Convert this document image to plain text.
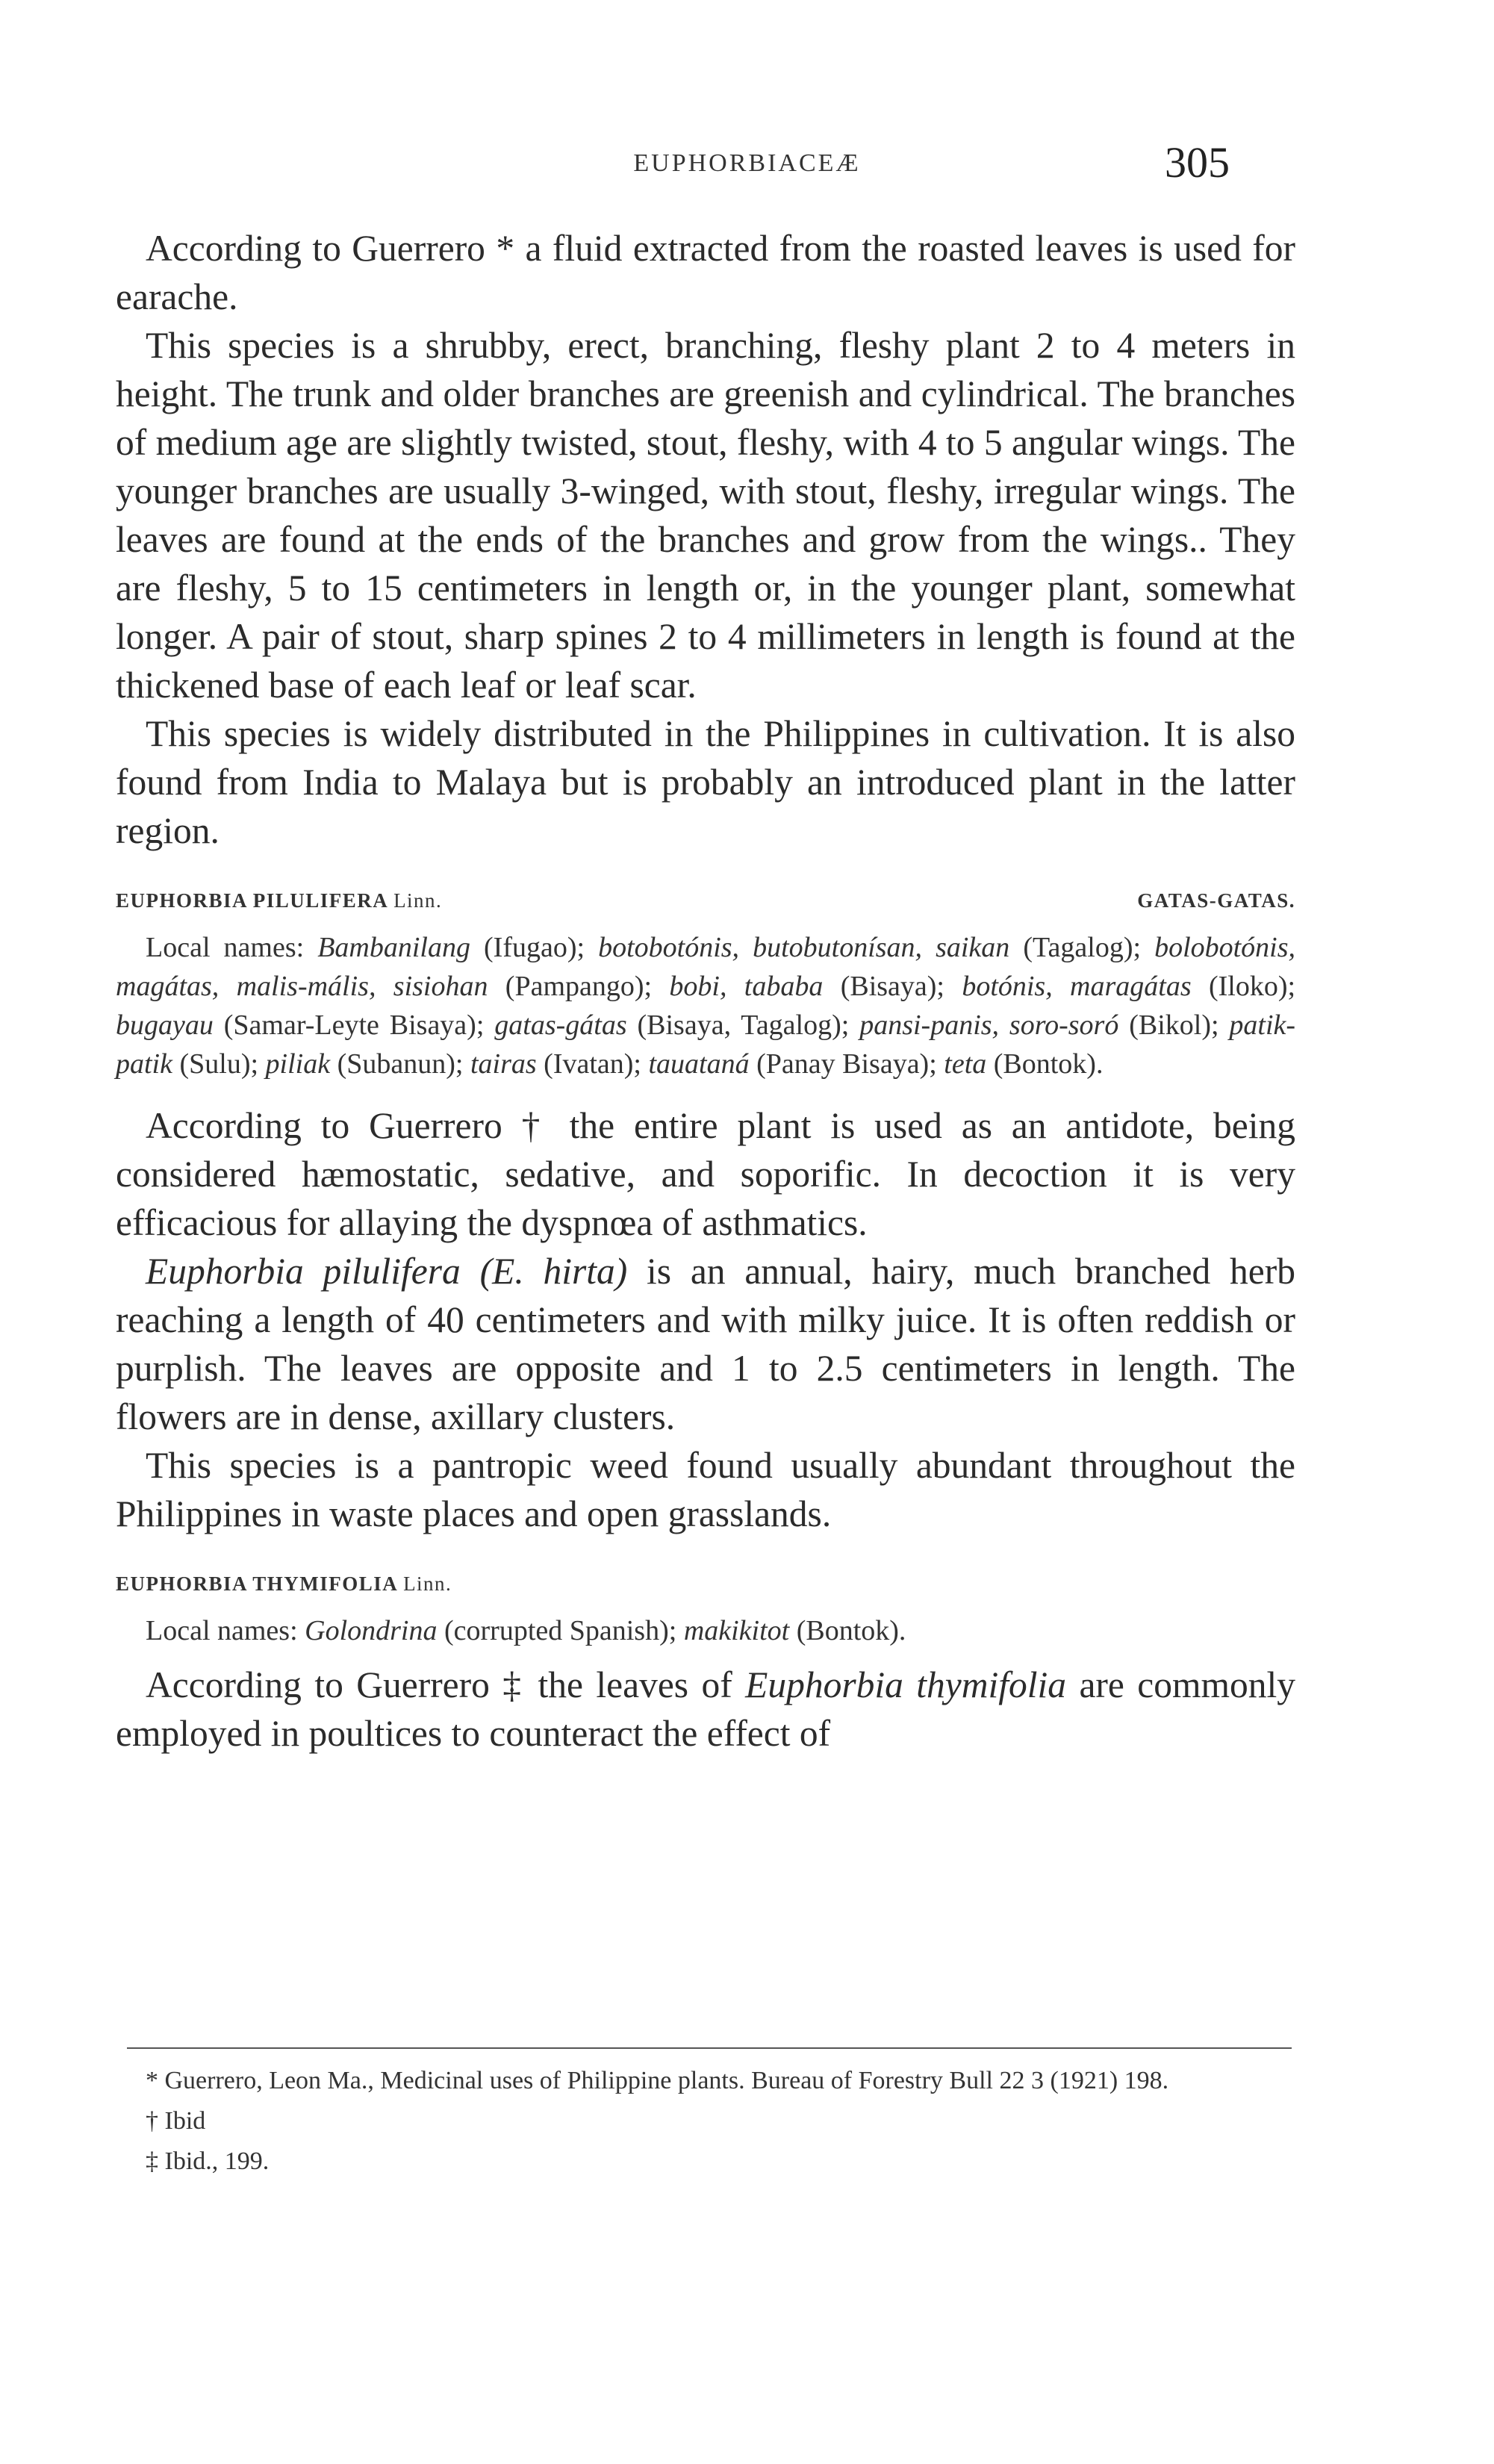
EUPHORBIACEÆ	305

According to Guerrero * a fluid extracted from the roasted leaves is used for earache.

This species is a shrubby, erect, branching, fleshy plant 2 to 4 meters in height. The trunk and older branches are greenish and cylindrical. The branches of medium age are slightly twisted, stout, fleshy, with 4 to 5 angular wings. The younger branches are usually 3-winged, with stout, fleshy, irregular wings. The leaves are found at the ends of the branches and grow from the wings.. They are fleshy, 5 to 15 centimeters in length or, in the younger plant, somewhat longer. A pair of stout, sharp spines 2 to 4 millimeters in length is found at the thickened base of each leaf or leaf scar.

This species is widely distributed in the Philippines in cultivation. It is also found from India to Malaya but is probably an introduced plant in the latter region.

EUPHORBIA PILULIFERA Linn.	GATAS-GATAS.
Local names: Bambanilang (Ifugao); botobotónis, butobutonísan, saikan (Tagalog); bolobotónis, magátas, malis-mális, sisiohan (Pampango); bobi, tababa (Bisaya); botónis, maragátas (Iloko); bugayau (Samar-Leyte Bisaya); gatas-gátas (Bisaya, Tagalog); pansi-panis, soro-soró (Bikol); patik-patik (Sulu); piliak (Subanun); tairas (Ivatan); tauataná (Panay Bisaya); teta (Bontok).

According to Guerrero † the entire plant is used as an antidote, being considered hæmostatic, sedative, and soporific. In decoction it is very efficacious for allaying the dyspnœa of asthmatics.

Euphorbia pilulifera (E. hirta) is an annual, hairy, much branched herb reaching a length of 40 centimeters and with milky juice. It is often reddish or purplish. The leaves are opposite and 1 to 2.5 centimeters in length. The flowers are in dense, axillary clusters.

This species is a pantropic weed found usually abundant throughout the Philippines in waste places and open grasslands.

EUPHORBIA THYMIFOLIA Linn.
Local names: Golondrina (corrupted Spanish); makikitot (Bontok).

According to Guerrero ‡ the leaves of Euphorbia thymifolia are commonly employed in poultices to counteract the effect of

* Guerrero, Leon Ma., Medicinal uses of Philippine plants. Bureau of Forestry Bull 22 3 (1921) 198.

† Ibid

‡ Ibid., 199.
